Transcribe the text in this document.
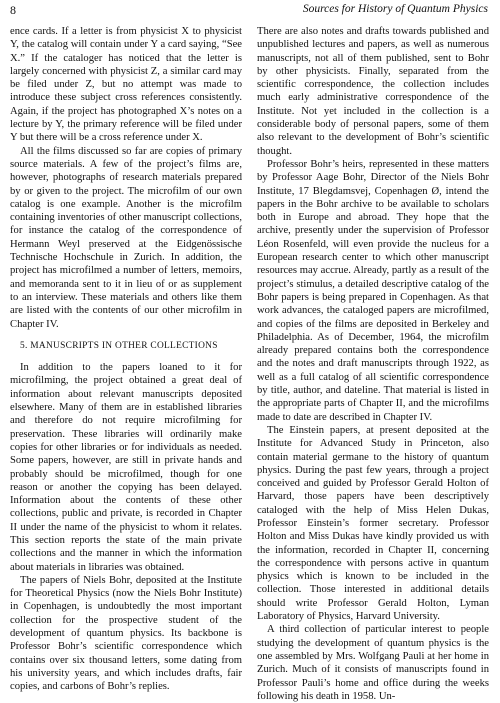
8	Sources for History of Quantum Physics

ence cards. If a letter is from physicist X to physicist Y, the catalog will contain under Y a card saying, “See X.” If the cataloger has noticed that the letter is largely concerned with physicist Z, a similar card may be filed under Z, but no attempt was made to introduce these subject cross references consistently. Again, if the project has photographed X’s notes on a lecture by Y, the primary reference will be filed under Y but there will be a cross reference under X.

All the films discussed so far are copies of primary source materials. A few of the project’s films are, however, photographs of research materials prepared by or given to the project. The microfilm of our own catalog is one example. Another is the microfilm containing inventories of other manuscript collections, for instance the catalog of the correspondence of Hermann Weyl preserved at the Eidgenössische Technische Hochschule in Zurich. In addition, the project has microfilmed a number of letters, memoirs, and memoranda sent to it in lieu of or as supplement to an interview. These materials and others like them are listed with the contents of our other microfilm in Chapter IV.

5. MANUSCRIPTS IN OTHER COLLECTIONS

In addition to the papers loaned to it for microfilming, the project obtained a great deal of information about relevant manuscripts deposited elsewhere. Many of them are in established libraries and therefore do not require microfilming for preservation. These libraries will ordinarily make copies for other libraries or for individuals as needed. Some papers, however, are still in private hands and probably should be microfilmed, though for one reason or another the copying has been delayed. Information about the contents of these other collections, public and private, is recorded in Chapter II under the name of the physicist to whom it relates. This section reports the state of the main private collections and the manner in which the information about materials in libraries was obtained.

The papers of Niels Bohr, deposited at the Institute for Theoretical Physics (now the Niels Bohr Institute) in Copenhagen, is undoubtedly the most important collection for the prospective student of the development of quantum physics. Its backbone is Professor Bohr’s scientific correspondence which contains over six thousand letters, some dating from his university years, and which includes drafts, fair copies, and carbons of Bohr’s replies.

There are also notes and drafts towards published and unpublished lectures and papers, as well as numerous manuscripts, not all of them published, sent to Bohr by other physicists. Finally, separated from the scientific correspondence, the collection includes much early administrative correspondence of the Institute. Not yet included in the collection is a considerable body of personal papers, some of them also relevant to the development of Bohr’s scientific thought.

Professor Bohr’s heirs, represented in these matters by Professor Aage Bohr, Director of the Niels Bohr Institute, 17 Blegdamsvej, Copenhagen Ø, intend the papers in the Bohr archive to be available to scholars both in Europe and abroad. They hope that the archive, presently under the supervision of Professor Léon Rosenfeld, will even provide the nucleus for a European research center to which other manuscript resources may accrue. Already, partly as a result of the project’s stimulus, a detailed descriptive catalog of the Bohr papers is being prepared in Copenhagen. As that work advances, the cataloged papers are microfilmed, and copies of the films are deposited in Berkeley and Philadelphia. As of December, 1964, the microfilm already prepared contains both the correspondence and the notes and draft manuscripts through 1922, as well as a full catalog of all scientific correspondence by title, author, and dateline. That material is listed in the appropriate parts of Chapter II, and the microfilms made to date are described in Chapter IV.

The Einstein papers, at present deposited at the Institute for Advanced Study in Princeton, also contain material germane to the history of quantum physics. During the past few years, through a project conceived and guided by Professor Gerald Holton of Harvard, those papers have been descriptively cataloged with the help of Miss Helen Dukas, Professor Einstein’s former secretary. Professor Holton and Miss Dukas have kindly provided us with the information, recorded in Chapter II, concerning the correspondence with persons active in quantum physics which is known to be included in the collection. Those interested in additional details should write Professor Gerald Holton, Lyman Laboratory of Physics, Harvard University.

A third collection of particular interest to people studying the development of quantum physics is the one assembled by Mrs. Wolfgang Pauli at her home in Zurich. Much of it consists of manuscripts found in Professor Pauli’s home and office during the weeks following his death in 1958. Un-
